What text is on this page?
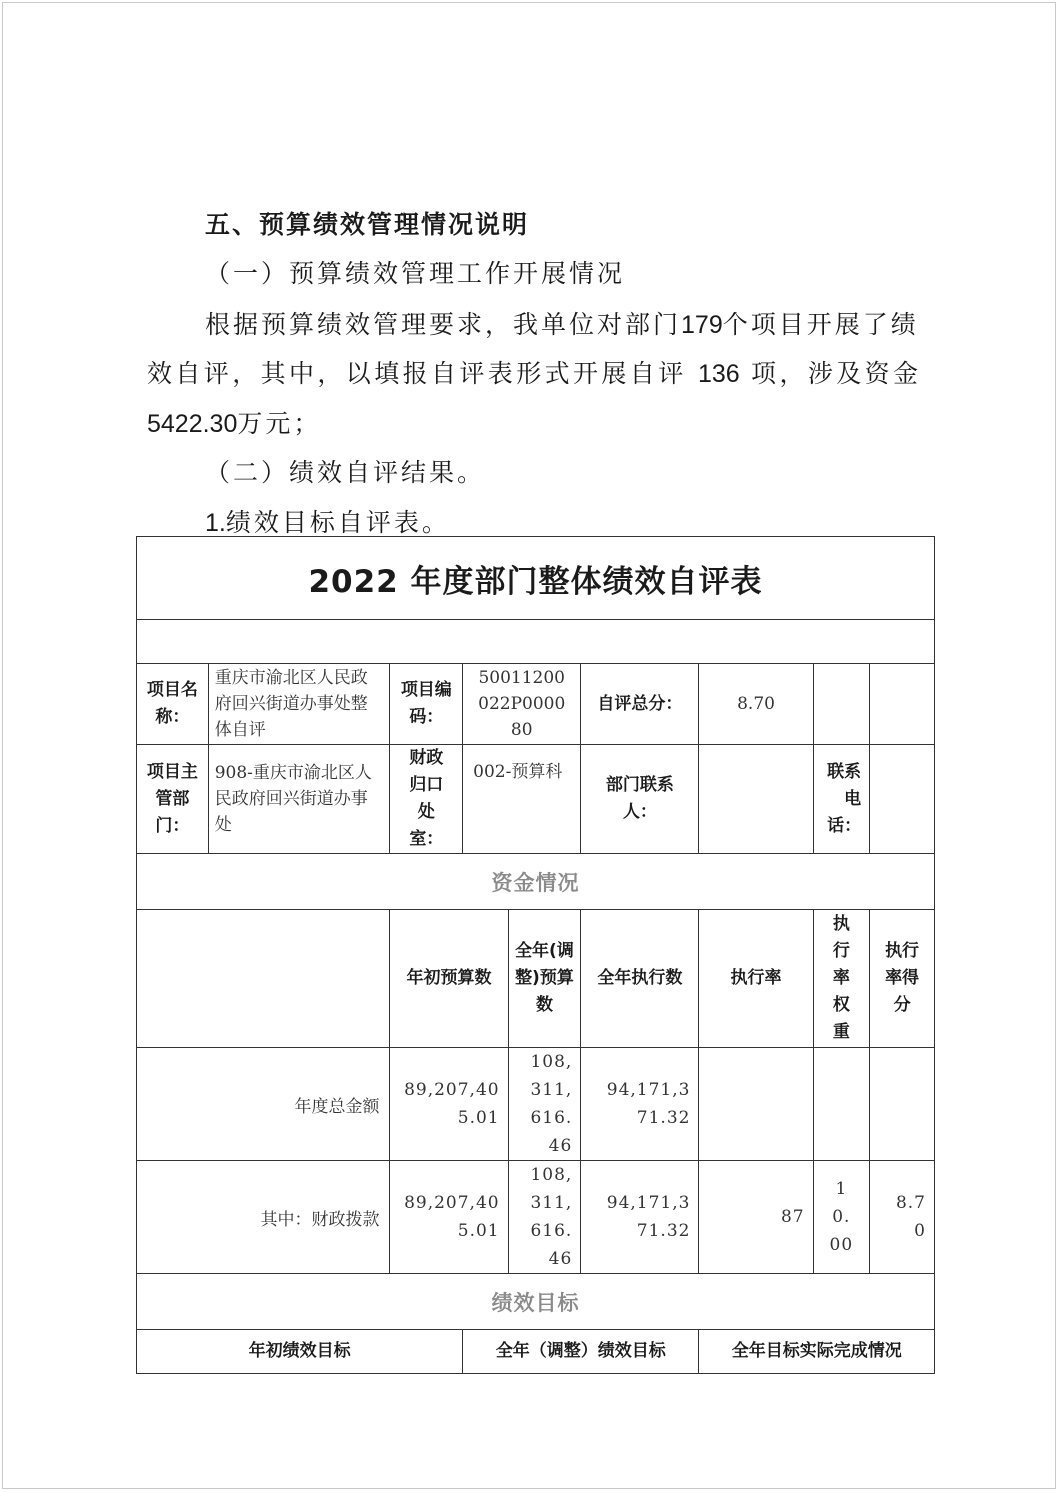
五、预算绩效管理情况说明
（一）预算绩效管理工作开展情况
根据预算绩效管理要求，我单位对部门179个项目开展了绩
效自评，其中，以填报自评表形式开展自评 136 项，涉及资金
5422.30万元；
（二）绩效自评结果。
1.绩效目标自评表。
2022 年度部门整体绩效自评表								

项目名称：	重庆市渝北区人民政府回兴街道办事处整体自评	项目编码：	50011200022P000080		自评总分：	8.70		
项目主管部门：	908-重庆市渝北区人民政府回兴街道办事处	财政归口处室：	002-预算科		部门联系人：		联系电话：	
资金情况								
		年初预算数		全年(调整)预算数	全年执行数	执行率	执行率权重	执行率得分
年度总金额		89,207,405.01		108,311,616.46	94,171,371.32			
其中：财政拨款		89,207,405.01		108,311,616.46	94,171,371.32	87	10.00	8.70
绩效目标								
年初绩效目标			全年（调整）绩效目标			全年目标实际完成情况		
